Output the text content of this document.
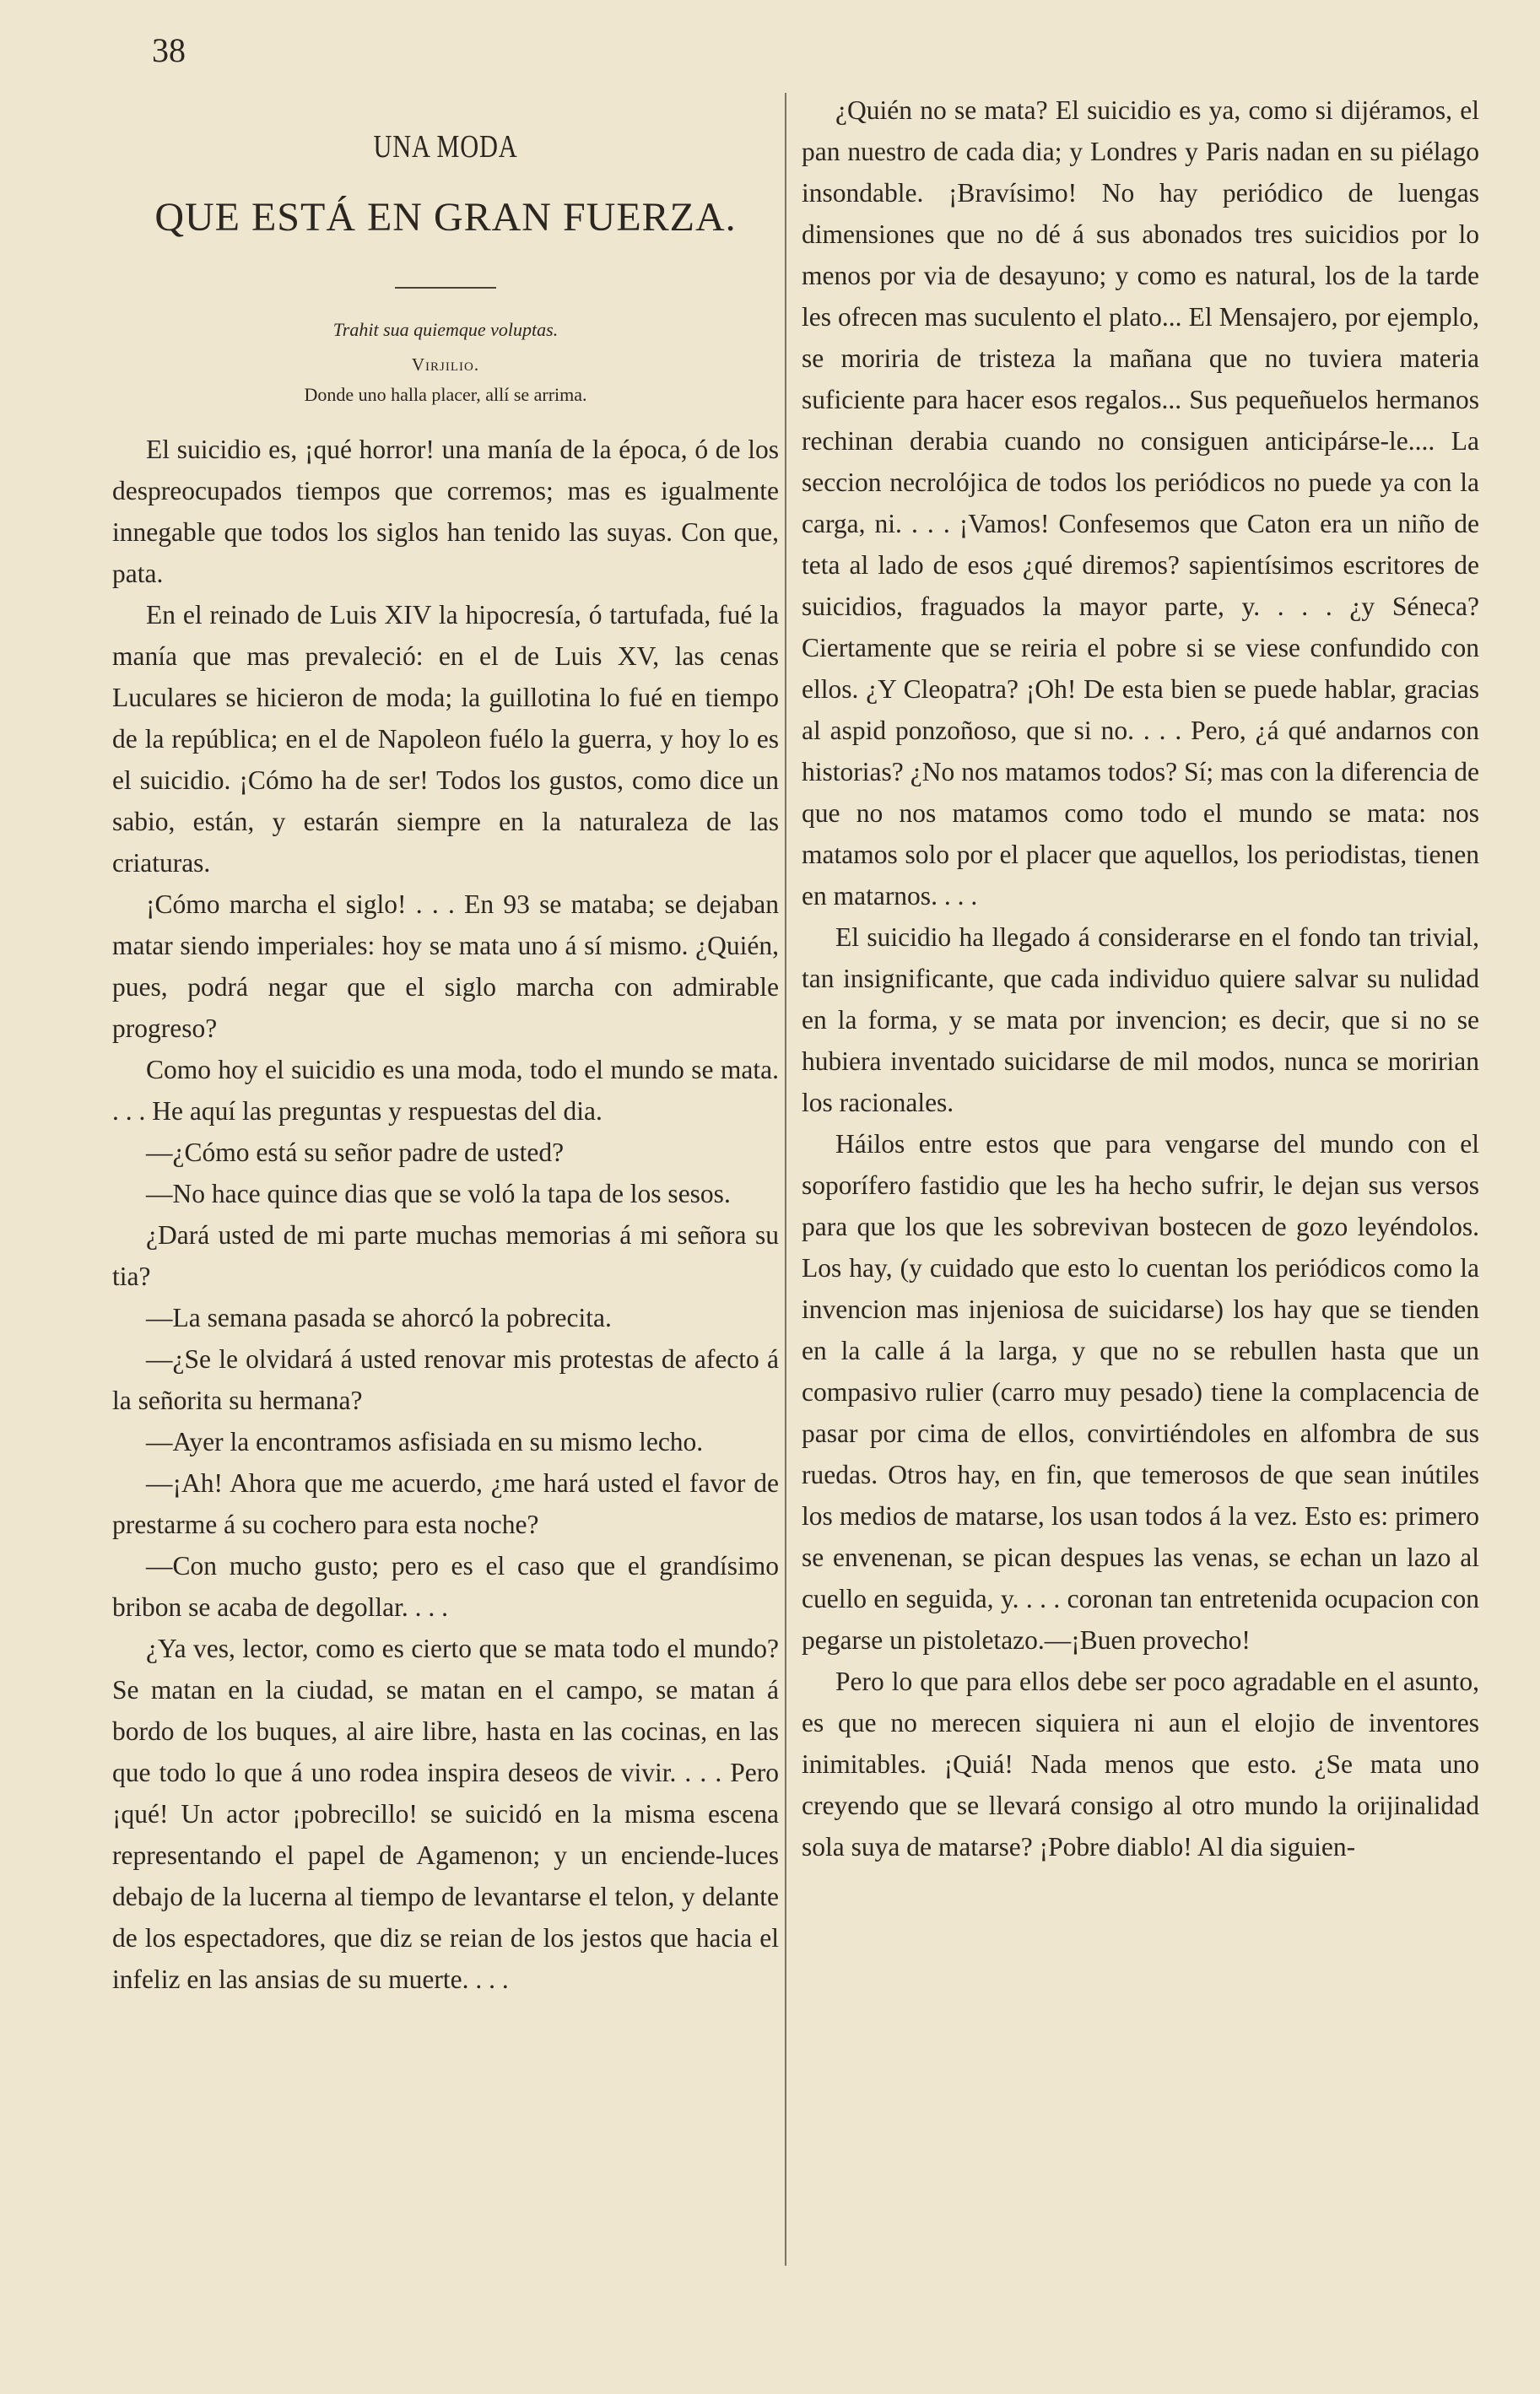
38
UNA MODA
QUE ESTÁ EN GRAN FUERZA.
Trahit sua quiemque voluptas.
Virjilio.
Donde uno halla placer, allí se arrima.

El suicidio es, ¡qué horror! una manía de la época, ó de los despreocupados tiempos que corremos; mas es igualmente innegable que todos los siglos han tenido las suyas. Con que, pata.

En el reinado de Luis XIV la hipocresía, ó tartufada, fué la manía que mas prevaleció: en el de Luis XV, las cenas Luculares se hicieron de moda; la guillotina lo fué en tiempo de la república; en el de Napoleon fuélo la guerra, y hoy lo es el suicidio. ¡Cómo ha de ser! Todos los gustos, como dice un sabio, están, y estarán siempre en la naturaleza de las criaturas.

¡Cómo marcha el siglo! . . . En 93 se mataba; se dejaban matar siendo imperiales: hoy se mata uno á sí mismo. ¿Quién, pues, podrá negar que el siglo marcha con admirable progreso?

Como hoy el suicidio es una moda, todo el mundo se mata. . . . He aquí las preguntas y respuestas del dia.

—¿Cómo está su señor padre de usted?

—No hace quince dias que se voló la tapa de los sesos.

¿Dará usted de mi parte muchas memorias á mi señora su tia?

—La semana pasada se ahorcó la pobrecita.

—¿Se le olvidará á usted renovar mis protestas de afecto á la señorita su hermana?

—Ayer la encontramos asfisiada en su mismo lecho.

—¡Ah! Ahora que me acuerdo, ¿me hará usted el favor de prestarme á su cochero para esta noche?

—Con mucho gusto; pero es el caso que el grandísimo bribon se acaba de degollar. . . .

¿Ya ves, lector, como es cierto que se mata todo el mundo? Se matan en la ciudad, se matan en el campo, se matan á bordo de los buques, al aire libre, hasta en las cocinas, en las que todo lo que á uno rodea inspira deseos de vivir. . . . Pero ¡qué! Un actor ¡pobrecillo! se suicidó en la misma escena representando el papel de Agamenon; y un enciende-luces debajo de la lucerna al tiempo de levantarse el telon, y delante de los espectadores, que diz se reian de los jestos que hacia el infeliz en las ansias de su muerte. . . .

¿Quién no se mata? El suicidio es ya, como si dijéramos, el pan nuestro de cada dia; y Londres y Paris nadan en su piélago insondable. ¡Bravísimo! No hay periódico de luengas dimensiones que no dé á sus abonados tres suicidios por lo menos por via de desayuno; y como es natural, los de la tarde les ofrecen mas suculento el plato... El Mensajero, por ejemplo, se moriria de tristeza la mañana que no tuviera materia suficiente para hacer esos regalos... Sus pequeñuelos hermanos rechinan derabia cuando no consiguen anticipárse-le.... La seccion necrolójica de todos los periódicos no puede ya con la carga, ni. . . . ¡Vamos! Confesemos que Caton era un niño de teta al lado de esos ¿qué diremos? sapientísimos escritores de suicidios, fraguados la mayor parte, y. . . . ¿y Séneca? Ciertamente que se reiria el pobre si se viese confundido con ellos. ¿Y Cleopatra? ¡Oh! De esta bien se puede hablar, gracias al aspid ponzoñoso, que si no. . . . Pero, ¿á qué andarnos con historias? ¿No nos matamos todos? Sí; mas con la diferencia de que no nos matamos como todo el mundo se mata: nos matamos solo por el placer que aquellos, los periodistas, tienen en matarnos. . . .

El suicidio ha llegado á considerarse en el fondo tan trivial, tan insignificante, que cada individuo quiere salvar su nulidad en la forma, y se mata por invencion; es decir, que si no se hubiera inventado suicidarse de mil modos, nunca se moririan los racionales.

Háilos entre estos que para vengarse del mundo con el soporífero fastidio que les ha hecho sufrir, le dejan sus versos para que los que les sobrevivan bostecen de gozo leyéndolos. Los hay, (y cuidado que esto lo cuentan los periódicos como la invencion mas injeniosa de suicidarse) los hay que se tienden en la calle á la larga, y que no se rebullen hasta que un compasivo rulier (carro muy pesado) tiene la complacencia de pasar por cima de ellos, convirtiéndoles en alfombra de sus ruedas. Otros hay, en fin, que temerosos de que sean inútiles los medios de matarse, los usan todos á la vez. Esto es: primero se envenenan, se pican despues las venas, se echan un lazo al cuello en seguida, y. . . . coronan tan entretenida ocupacion con pegarse un pistoletazo.—¡Buen provecho!

Pero lo que para ellos debe ser poco agradable en el asunto, es que no merecen siquiera ni aun el elojio de inventores inimitables. ¡Quiá! Nada menos que esto. ¿Se mata uno creyendo que se llevará consigo al otro mundo la orijinalidad sola suya de matarse? ¡Pobre diablo! Al dia siguien-
